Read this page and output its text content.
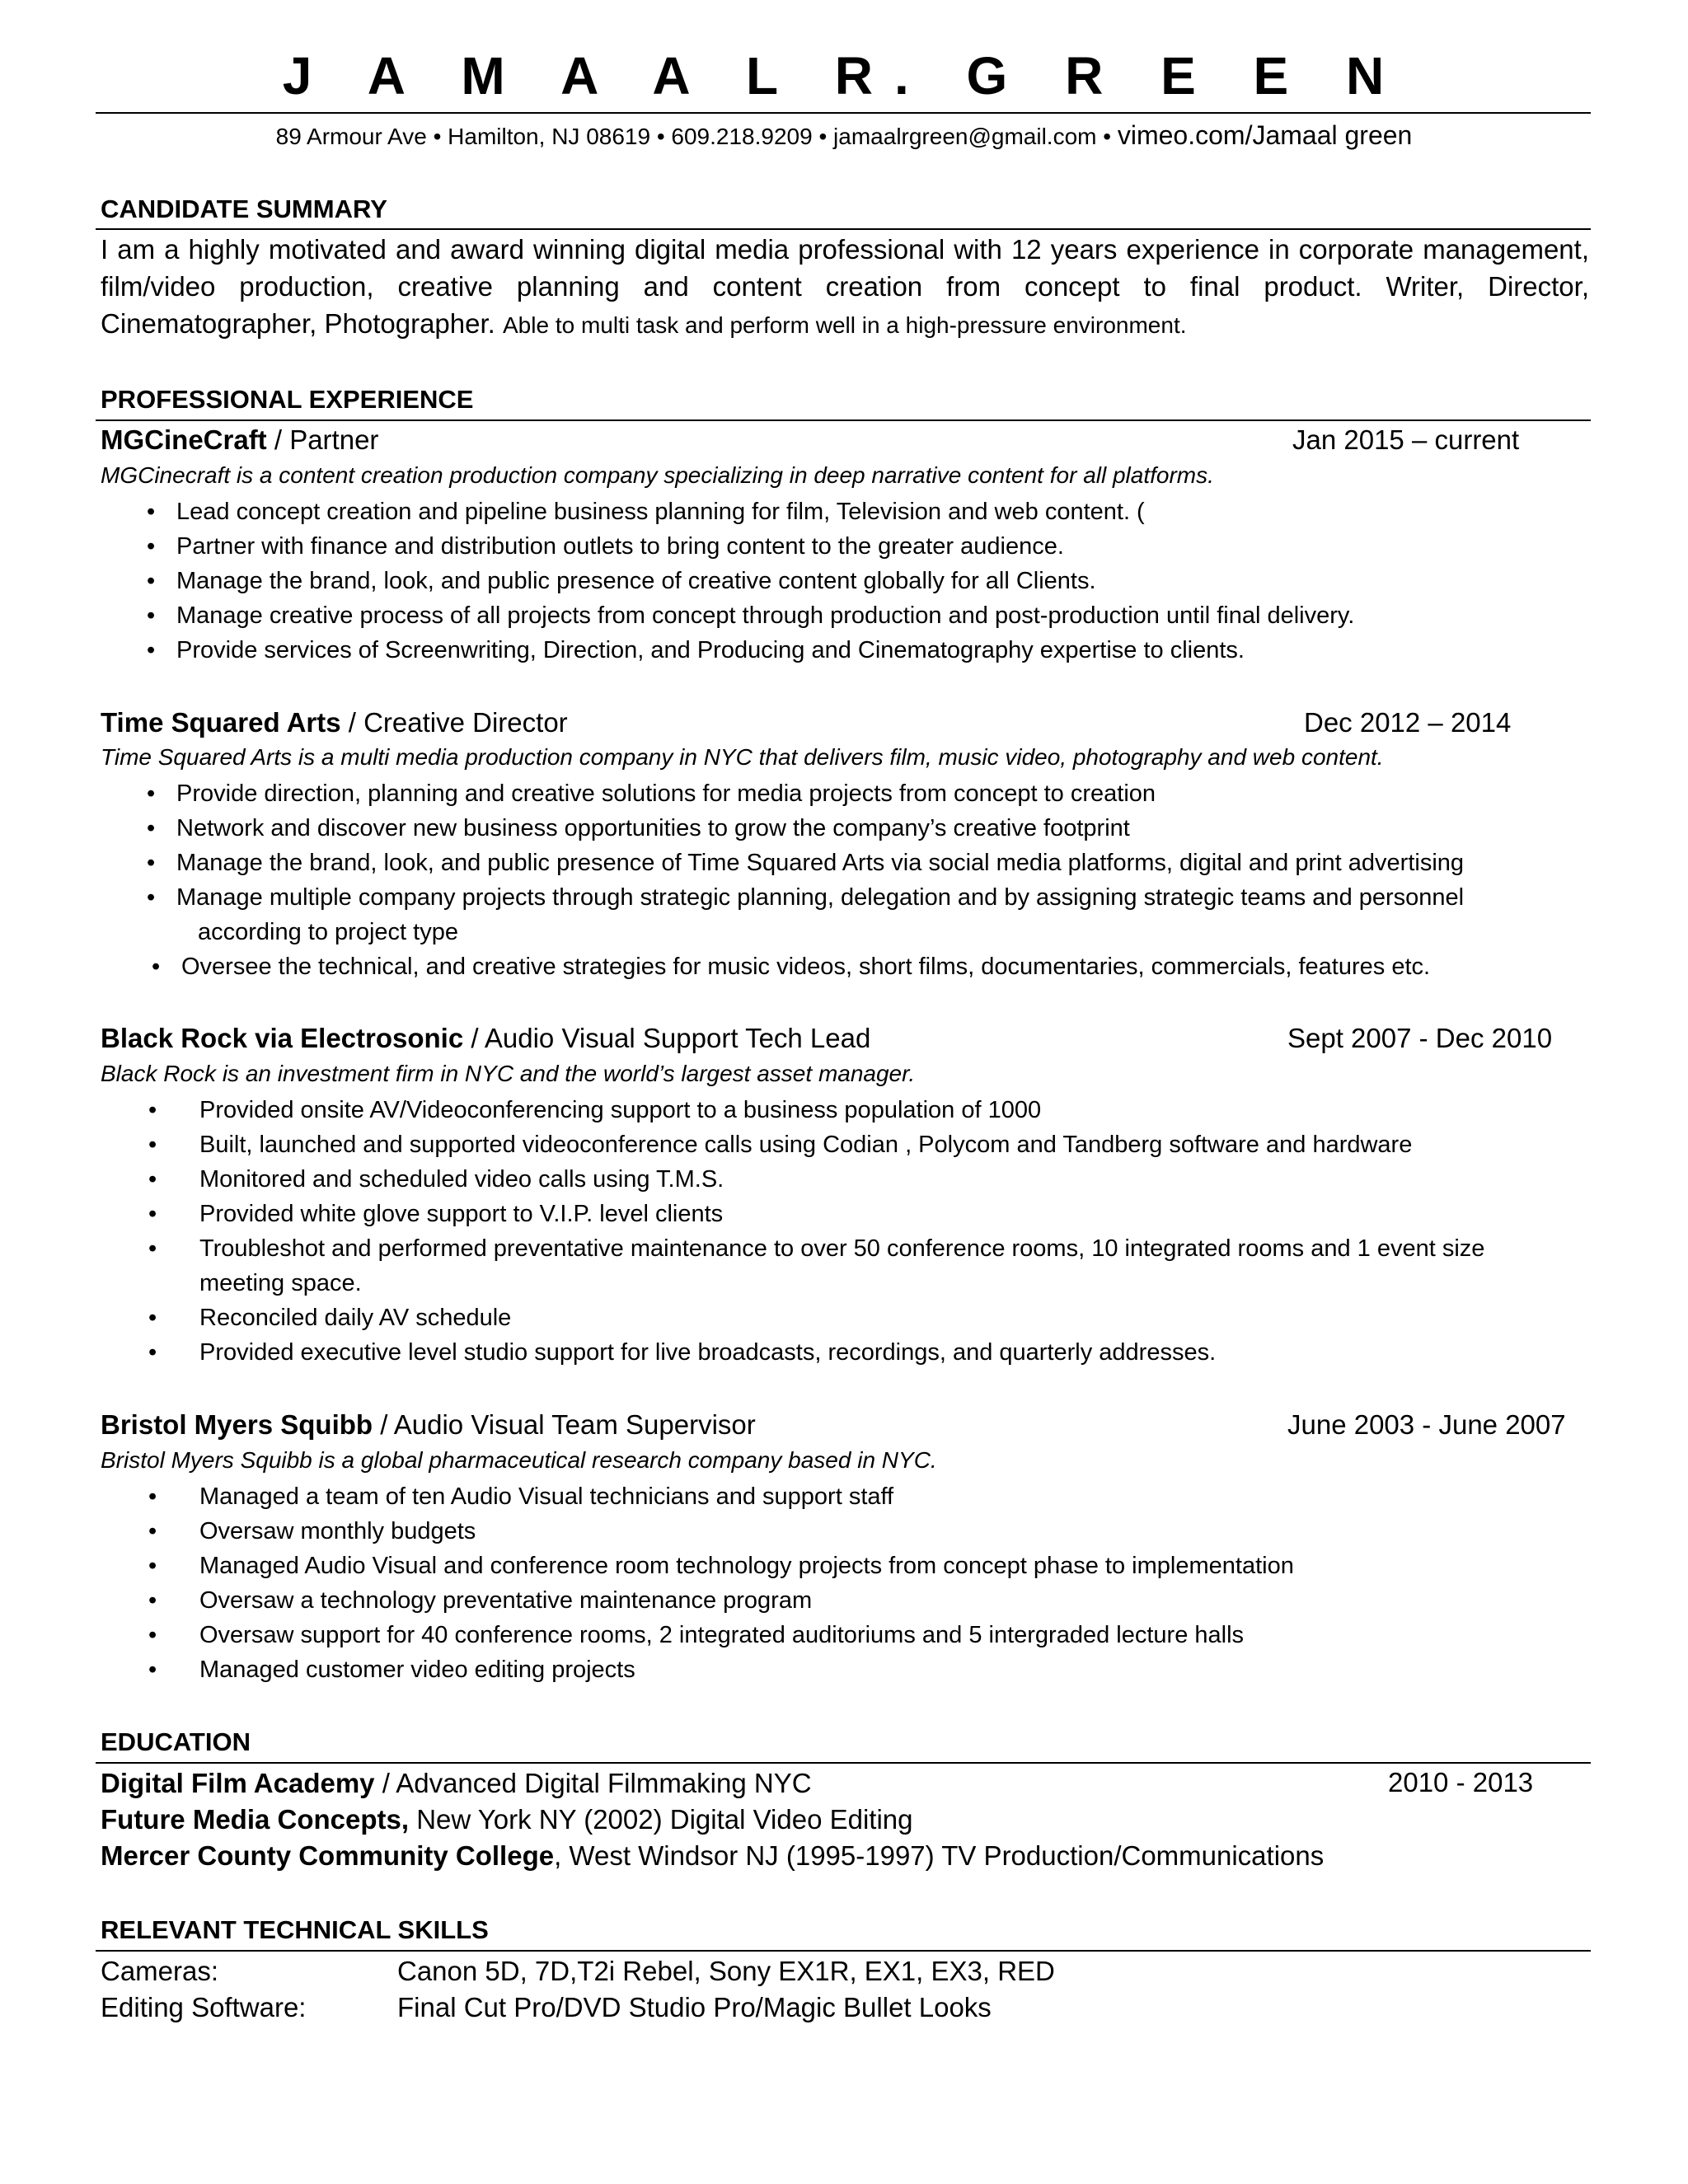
J A M A A L R. G R E E N
89 Armour Ave • Hamilton, NJ 08619 • 609.218.9209 • jamaalrgreen@gmail.com • vimeo.com/Jamaal green
CANDIDATE SUMMARY
I am a highly motivated and award winning digital media professional with 12 years experience in corporate management, film/video production, creative planning and content creation from concept to final product. Writer, Director, Cinematographer, Photographer. Able to multi task and perform well in a high-pressure environment.
PROFESSIONAL EXPERIENCE
MGCineCraft / Partner	Jan 2015 – current
MGCinecraft is a content creation production company specializing in deep narrative content for all platforms.
• Lead concept creation and pipeline business planning for film, Television and web content. (
• Partner with finance and distribution outlets to bring content to the greater audience.
• Manage the brand, look, and public presence of creative content globally for all Clients.
• Manage creative process of all projects from concept through production and post-production until final delivery.
• Provide services of Screenwriting, Direction, and Producing and Cinematography expertise to clients.
Time Squared Arts / Creative Director	Dec 2012 – 2014
Time Squared Arts is a multi media production company in NYC that delivers film, music video, photography and web content.
• Provide direction, planning and creative solutions for media projects from concept to creation
• Network and discover new business opportunities to grow the company’s creative footprint
• Manage the brand, look, and public presence of Time Squared Arts via social media platforms, digital and print advertising
• Manage multiple company projects through strategic planning, delegation and by assigning strategic teams and personnel
according to project type
• Oversee the technical, and creative strategies for music videos, short films, documentaries, commercials, features etc.
Black Rock via Electrosonic / Audio Visual Support Tech Lead	Sept 2007 - Dec 2010
Black Rock is an investment firm in NYC and the world’s largest asset manager.
• Provided onsite AV/Videoconferencing support to a business population of 1000
• Built, launched and supported videoconference calls using Codian , Polycom and Tandberg software and hardware
• Monitored and scheduled video calls using T.M.S.
• Provided white glove support to V.I.P. level clients
• Troubleshot and performed preventative maintenance to over 50 conference rooms, 10 integrated rooms and 1 event size
meeting space.
• Reconciled daily AV schedule
• Provided executive level studio support for live broadcasts, recordings, and quarterly addresses.
Bristol Myers Squibb / Audio Visual Team Supervisor	June 2003 - June 2007
Bristol Myers Squibb is a global pharmaceutical research company based in NYC.
• Managed a team of ten Audio Visual technicians and support staff
• Oversaw monthly budgets
• Managed Audio Visual and conference room technology projects from concept phase to implementation
• Oversaw a technology preventative maintenance program
• Oversaw support for 40 conference rooms, 2 integrated auditoriums and 5 intergraded lecture halls
• Managed customer video editing projects
EDUCATION
Digital Film Academy / Advanced Digital Filmmaking NYC	2010 - 2013
Future Media Concepts, New York NY (2002) Digital Video Editing
Mercer County Community College, West Windsor NJ (1995-1997) TV Production/Communications
RELEVANT TECHNICAL SKILLS
Cameras:	Canon 5D, 7D,T2i Rebel, Sony EX1R, EX1, EX3, RED
Editing Software:	Final Cut Pro/DVD Studio Pro/Magic Bullet Looks
